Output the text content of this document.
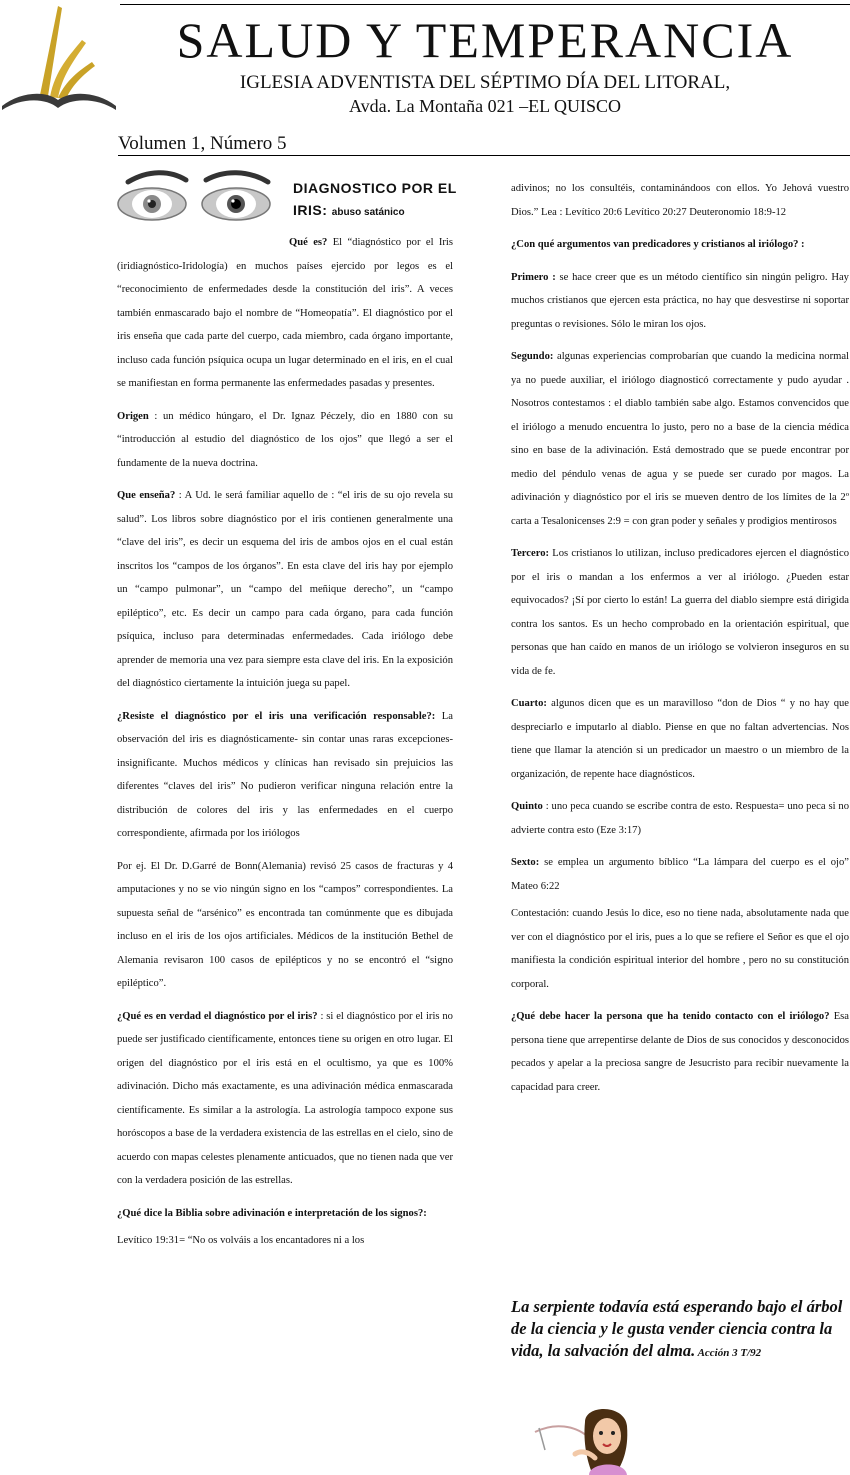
SALUD Y TEMPERANCIA
IGLESIA ADVENTISTA DEL SÉPTIMO DÍA DEL LITORAL,
Avda. La Montaña 021 –EL QUISCO
Volumen 1, Número 5
DIAGNOSTICO POR EL IRIS: abuso satánico

Qué es? El “diagnóstico por el Iris (iridiagnóstico-Iridología) en muchos países ejercido por legos es el “reconocimiento de enfermedades desde la constitución del iris”. A veces también enmascarado bajo el nombre de “Homeopatía”. El diagnóstico por el iris enseña que cada parte del cuerpo, cada miembro, cada órgano importante, incluso cada función psíquica ocupa un lugar determinado en el iris, en el cual se manifiestan en forma permanente las enfermedades pasadas y presentes.

Origen : un médico húngaro, el Dr. Ignaz Péczely, dio en 1880 con su “introducción al estudio del diagnóstico de los ojos” que llegó a ser el fundamente de la nueva doctrina.

Que enseña? : A Ud. le será familiar aquello de : “el iris de su ojo revela su salud”. Los libros sobre diagnóstico por el iris contienen generalmente una “clave del iris”, es decir un esquema del iris de ambos ojos en el cual están inscritos los “campos de los órganos”. En esta clave del iris hay por ejemplo un “campo pulmonar”, un “campo del meñique derecho”, un “campo epiléptico”, etc. Es decir un campo para cada órgano, para cada función psíquica, incluso para determinadas enfermedades. Cada iriólogo debe aprender de memoria una vez para siempre esta clave del iris. En la exposición del diagnóstico ciertamente la intuición juega su papel.

¿Resiste el diagnóstico por el iris una verificación responsable?: La observación del iris es diagnósticamente- sin contar unas raras excepciones- insignificante. Muchos médicos y clínicas han revisado sin prejuicios las diferentes “claves del iris” No pudieron verificar ninguna relación entre la distribución de colores del iris y las enfermedades en el cuerpo correspondiente, afirmada por los iriólogos

Por ej. El Dr. D.Garré de Bonn(Alemania) revisó 25 casos de fracturas y 4 amputaciones y no se vio ningún signo en los “campos” correspondientes. La supuesta señal de “arsénico” es encontrada tan comúnmente que es dibujada incluso en el iris de los ojos artificiales. Médicos de la institución Bethel de Alemania revisaron 100 casos de epilépticos y no se encontró el “signo epiléptico”.

¿Qué es en verdad el diagnóstico por el iris? : si el diagnóstico por el iris no puede ser justificado científicamente, entonces tiene su origen en otro lugar. El origen del diagnóstico por el iris está en el ocultismo, ya que es 100% adivinación. Dicho más exactamente, es una adivinación médica enmascarada científicamente. Es similar a la astrología. La astrología tampoco expone sus horóscopos a base de la verdadera existencia de las estrellas en el cielo, sino de acuerdo con mapas celestes plenamente anticuados, que no tienen nada que ver con la verdadera posición de las estrellas.

¿Qué dice la Biblia sobre adivinación e interpretación de los signos?:

Levítico 19:31= “No os volváis a los encantadores ni a los

adivinos; no los consultéis, contaminándoos con ellos. Yo Jehová vuestro Dios.” Lea : Levítico 20:6 Levítico 20:27 Deuteronomio 18:9-12

¿Con qué argumentos van predicadores y cristianos al iriólogo? :

Primero : se hace creer que es un método científico sin ningún peligro. Hay muchos cristianos que ejercen esta práctica, no hay que desvestirse ni soportar preguntas o revisiones. Sólo le miran los ojos.

Segundo: algunas experiencias comprobarían que cuando la medicina normal ya no puede auxiliar, el iriólogo diagnosticó correctamente y pudo ayudar . Nosotros contestamos : el diablo también sabe algo. Estamos convencidos que el iriólogo a menudo encuentra lo justo, pero no a base de la ciencia médica sino en base de la adivinación. Está demostrado que se puede encontrar por medio del péndulo venas de agua y se puede ser curado por magos. La adivinación y diagnóstico por el iris se mueven dentro de los límites de la 2º carta a Tesalonicenses 2:9 = con gran poder y señales y prodigios mentirosos

Tercero: Los cristianos lo utilizan, incluso predicadores ejercen el diagnóstico por el iris o mandan a los enfermos a ver al iriólogo. ¿Pueden estar equivocados? ¡Sí por cierto lo están! La guerra del diablo siempre está dirigida contra los santos. Es un hecho comprobado en la orientación espiritual, que personas que han caído en manos de un iriólogo se volvieron inseguros en su vida de fe.

Cuarto: algunos dicen que es un maravilloso “don de Dios “ y no hay que despreciarlo e imputarlo al diablo. Piense en que no faltan advertencias. Nos tiene que llamar la atención si un predicador un maestro o un miembro de la organización, de repente hace diagnósticos.

Quinto : uno peca cuando se escribe contra de esto. Respuesta= uno peca si no advierte contra esto (Eze 3:17)

Sexto: se emplea un argumento bíblico “La lámpara del cuerpo es el ojo” Mateo 6:22

Contestación: cuando Jesús lo dice, eso no tiene nada, absolutamente nada que ver con el diagnóstico por el iris, pues a lo que se refiere el Señor es que el ojo manifiesta la condición espiritual interior del hombre , pero no su constitución corporal.

¿Qué debe hacer la persona que ha tenido contacto con el iriólogo? Esa persona tiene que arrepentirse delante de Dios de sus conocidos y desconocidos pecados y apelar a la preciosa sangre de Jesucristo para recibir nuevamente la capacidad para creer.

La serpiente todavía está esperando bajo el árbol de la ciencia y le gusta vender ciencia contra la vida, la salvación del alma. Acción 3 T/92
